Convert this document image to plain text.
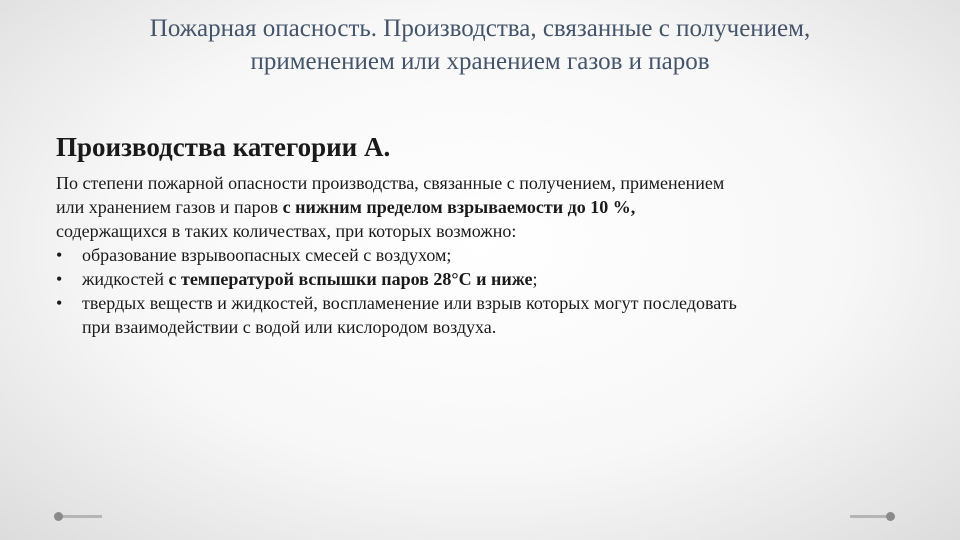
Пожарная опасность. Производства, связанные с получением,
применением или хранением газов и паров
Производства категории А.
По степени пожарной опасности производства, связанные с получением, применением
или хранением газов и паров с нижним пределом взрываемости до 10 %,
содержащихся в таких количествах, при которых возможно:
•	образование взрывоопасных смесей с воздухом;
•	жидкостей с температурой вспышки паров 28°С и ниже;
•	твердых веществ и жидкостей, воспламенение или взрыв которых могут последовать
при взаимодействии с водой или кислородом воздуха.
